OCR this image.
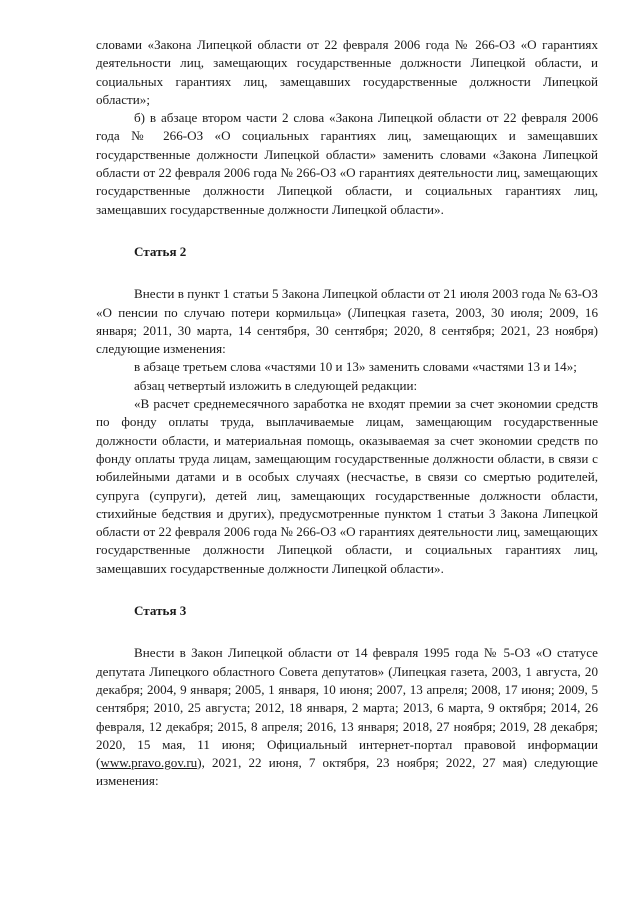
словами «Закона Липецкой области от 22 февраля 2006 года № 266-ОЗ «О гарантиях деятельности лиц, замещающих государственные должности Липецкой области, и социальных гарантиях лиц, замещавших государственные должности Липецкой области»;

б) в абзаце втором части 2 слова «Закона Липецкой области от 22 февраля 2006 года № 266-ОЗ «О социальных гарантиях лиц, замещающих и замещавших государственные должности Липецкой области» заменить словами «Закона Липецкой области от 22 февраля 2006 года № 266-ОЗ «О гарантиях деятельности лиц, замещающих государственные должности Липецкой области, и социальных гарантиях лиц, замещавших государственные должности Липецкой области».

Статья 2

Внести в пункт 1 статьи 5 Закона Липецкой области от 21 июля 2003 года № 63-ОЗ «О пенсии по случаю потери кормильца» (Липецкая газета, 2003, 30 июля; 2009, 16 января; 2011, 30 марта, 14 сентября, 30 сентября; 2020, 8 сентября; 2021, 23 ноября) следующие изменения:

в абзаце третьем слова «частями 10 и 13» заменить словами «частями 13 и 14»;

абзац четвертый изложить в следующей редакции:

«В расчет среднемесячного заработка не входят премии за счет экономии средств по фонду оплаты труда, выплачиваемые лицам, замещающим государственные должности области, и материальная помощь, оказываемая за счет экономии средств по фонду оплаты труда лицам, замещающим государственные должности области, в связи с юбилейными датами и в особых случаях (несчастье, в связи со смертью родителей, супруга (супруги), детей лиц, замещающих государственные должности области, стихийные бедствия и других), предусмотренные пунктом 1 статьи 3 Закона Липецкой области от 22 февраля 2006 года № 266-ОЗ «О гарантиях деятельности лиц, замещающих государственные должности Липецкой области, и социальных гарантиях лиц, замещавших государственные должности Липецкой области».

Статья 3

Внести в Закон Липецкой области от 14 февраля 1995 года № 5-ОЗ «О статусе депутата Липецкого областного Совета депутатов» (Липецкая газета, 2003, 1 августа, 20 декабря; 2004, 9 января; 2005, 1 января, 10 июня; 2007, 13 апреля; 2008, 17 июня; 2009, 5 сентября; 2010, 25 августа; 2012, 18 января, 2 марта; 2013, 6 марта, 9 октября; 2014, 26 февраля, 12 декабря; 2015, 8 апреля; 2016, 13 января; 2018, 27 ноября; 2019, 28 декабря; 2020, 15 мая, 11 июня; Официальный интернет-портал правовой информации (www.pravo.gov.ru), 2021, 22 июня, 7 октября, 23 ноября; 2022, 27 мая) следующие изменения:
